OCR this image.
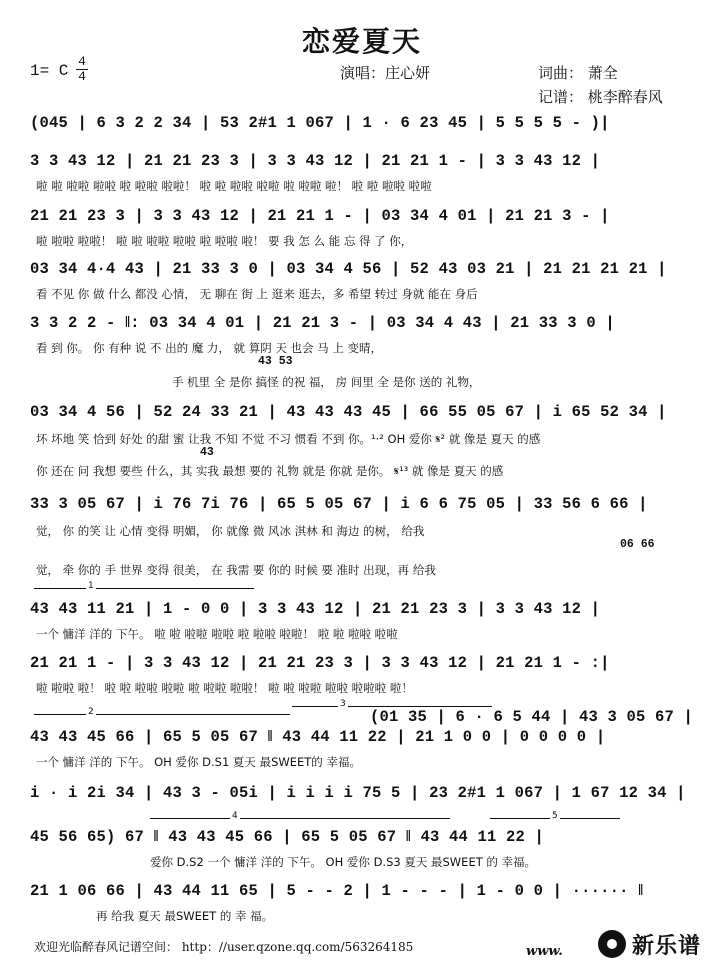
恋爱夏天
1= C
4
4	演唱：庄心妍	词曲： 萧全
记谱： 桃李醉春风
(045 | 6 3 2 2 34 | 53 2#1 1 067 | 1 · 6 23 45 | 5 5 5 5 - )|
3 3 43 12 | 21 21 23 3 | 3 3 43 12 | 21 21 1 - | 3 3 43 12 |
啦 啦 啦啦 啦啦 啦 啦啦 啦啦！ 啦 啦 啦啦 啦啦 啦 啦啦 啦！ 啦 啦 啦啦 啦啦
21 21 23 3 | 3 3 43 12 | 21 21 1 - | 03 34 4 01 | 21 21 3 - |
啦 啦啦 啦啦！ 啦 啦 啦啦 啦啦 啦 啦啦 啦！ 要 我 怎 么 能 忘 得 了 你，
03 34 4·4 43 | 21 33 3 0 | 03 34 4 56 | 52 43 03 21 | 21 21 21 21 |
看 不见 你 做 什么 都没 心情， 无 聊在 街 上 逛来 逛去，多 希望 转过 身就 能在 身后
3 3 2 2 - ‖: 03 34 4 01 | 21 21 3 - | 03 34 4 43 | 21 33 3 0 |
看 到 你。 你 有种 说 不 出的 魔 力， 就 算阴 天 也会 马 上 变晴，
43 53
手 机里 全 是你 搞怪 的祝 福， 房 间里 全 是你 送的 礼物，
03 34 4 56 | 52 24 33 21 | 43 43 43 45 | 66 55 05 67 | i 65 52 34 |
坏 坏地 笑 恰到 好处 的甜 蜜 让我 不知 不觉 不习 惯看 不到 你。¹·² OH 爱你 𝄋² 就 像是 夏天 的感
43
你 还在 问 我想 要些 什么，其 实我 最想 要的 礼物 就是 你就 是你。 𝄋¹³ 就 像是 夏天 的感
33 3 05 67 | i 76 7i 76 | 65 5 05 67 | i 6 6 75 05 | 33 56 6 66 |
觉， 你 的笑 让 心情 变得 明媚， 你 就像 微 风冰 淇林 和 海边 的树， 给我
06 66
觉， 牵 你的 手 世界 变得 很美， 在 我需 要 你的 时候 要 准时 出现，再 给我
1
43 43 11 21 | 1 - 0 0 | 3 3 43 12 | 21 21 23 3 | 3 3 43 12 |
一个 慵洋 洋的 下午。 啦 啦 啦啦 啦啦 啦 啦啦 啦啦！ 啦 啦 啦啦 啦啦
21 21 1 - | 3 3 43 12 | 21 21 23 3 | 3 3 43 12 | 21 21 1 - :|
啦 啦啦 啦！ 啦 啦 啦啦 啦啦 啦 啦啦 啦啦！ 啦 啦 啦啦 啦啦 啦啦啦 啦！
2
3
(01 35 | 6 · 6 5 44 | 43 3 05 67 |
43 43 45 66 | 65 5 05 67 ‖ 43 44 11 22 | 21 1 0 0 | 0 0 0 0 |
一个 慵洋 洋的 下午。 OH 爱你 D.S1 夏天 最SWEET的 幸福。
i · i 2i 34 | 43 3 - 05i | i i i i 75 5 | 23 2#1 1 067 | 1 67 12 34 |
4	5
45 56 65) 67 ‖ 43 43 45 66 | 65 5 05 67 ‖ 43 44 11 22 |
爱你 D.S2 一个 慵洋 洋的 下午。 OH 爱你 D.S3 夏天 最SWEET 的 幸福。
21 1 06 66 | 43 44 11 65 | 5 - - 2 | 1 - - - | 1 - 0 0 | ······ ‖
再 给我 夏天 最SWEET 的 幸 福。
欢迎光临醉春风记谱空间： http：//user.qzone.qq.com/563264185	www.	新乐谱
